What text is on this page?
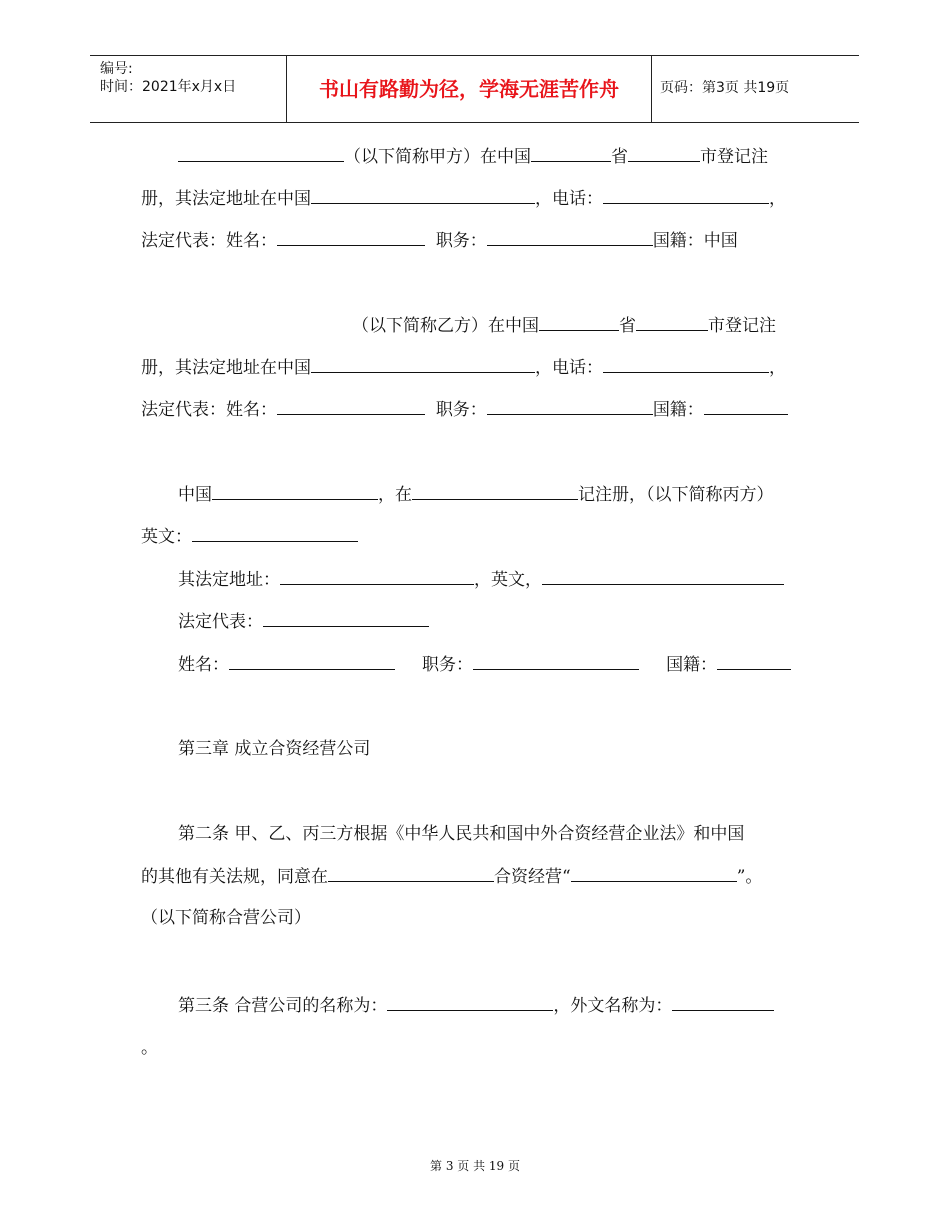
编号:
时间：2021年x月x日	书山有路勤为径，学海无涯苦作舟	页码：第3页 共19页
（以下简称甲方）在中国	省	市登记注
册，其法定地址在中国	，电话：	，
法定代表：姓名：	职务：	国籍：中国
（以下简称乙方）在中国	省	市登记注
册，其法定地址在中国	，电话：	，
法定代表：姓名：	职务：	国籍：
中国	，在	记注册，（以下简称丙方）
英文：
其法定地址：	，英文，
法定代表：
姓名：	职务：	国籍：
第三章 成立合资经营公司
第二条 甲、乙、丙三方根据《中华人民共和国中外合资经营企业法》和中国
的其他有关法规，同意在	合资经营“	”。
（以下简称合营公司）
第三条 合营公司的名称为：	，外文名称为：
。
第 3 页 共 19 页
